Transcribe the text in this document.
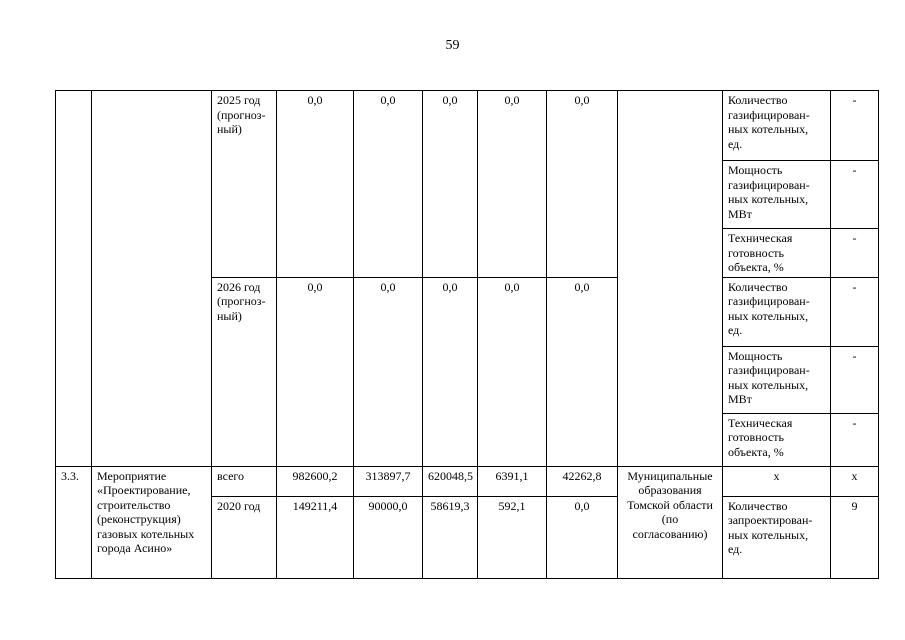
59
		2025 год (прогноз-ный)	0,0	0,0	0,0	0,0	0,0		Количество газифицирован-ных котельных, ед.	-
									Мощность газифицирован-ных котельных, МВт	-
									Техническая готовность объекта, %	-
		2026 год (прогноз-ный)	0,0	0,0	0,0	0,0	0,0		Количество газифицирован-ных котельных, ед.	-
									Мощность газифицирован-ных котельных, МВт	-
									Техническая готовность объекта, %	-
3.3.	Мероприятие «Проектирование, строительство (реконструкция) газовых котельных города Асино»	всего	982600,2	313897,7	620048,5	6391,1	42262,8	Муниципальные образования Томской области (по согласованию)	х	х
		2020 год	149211,4	90000,0	58619,3	592,1	0,0		Количество запроектирован-ных котельных, ед.	9
